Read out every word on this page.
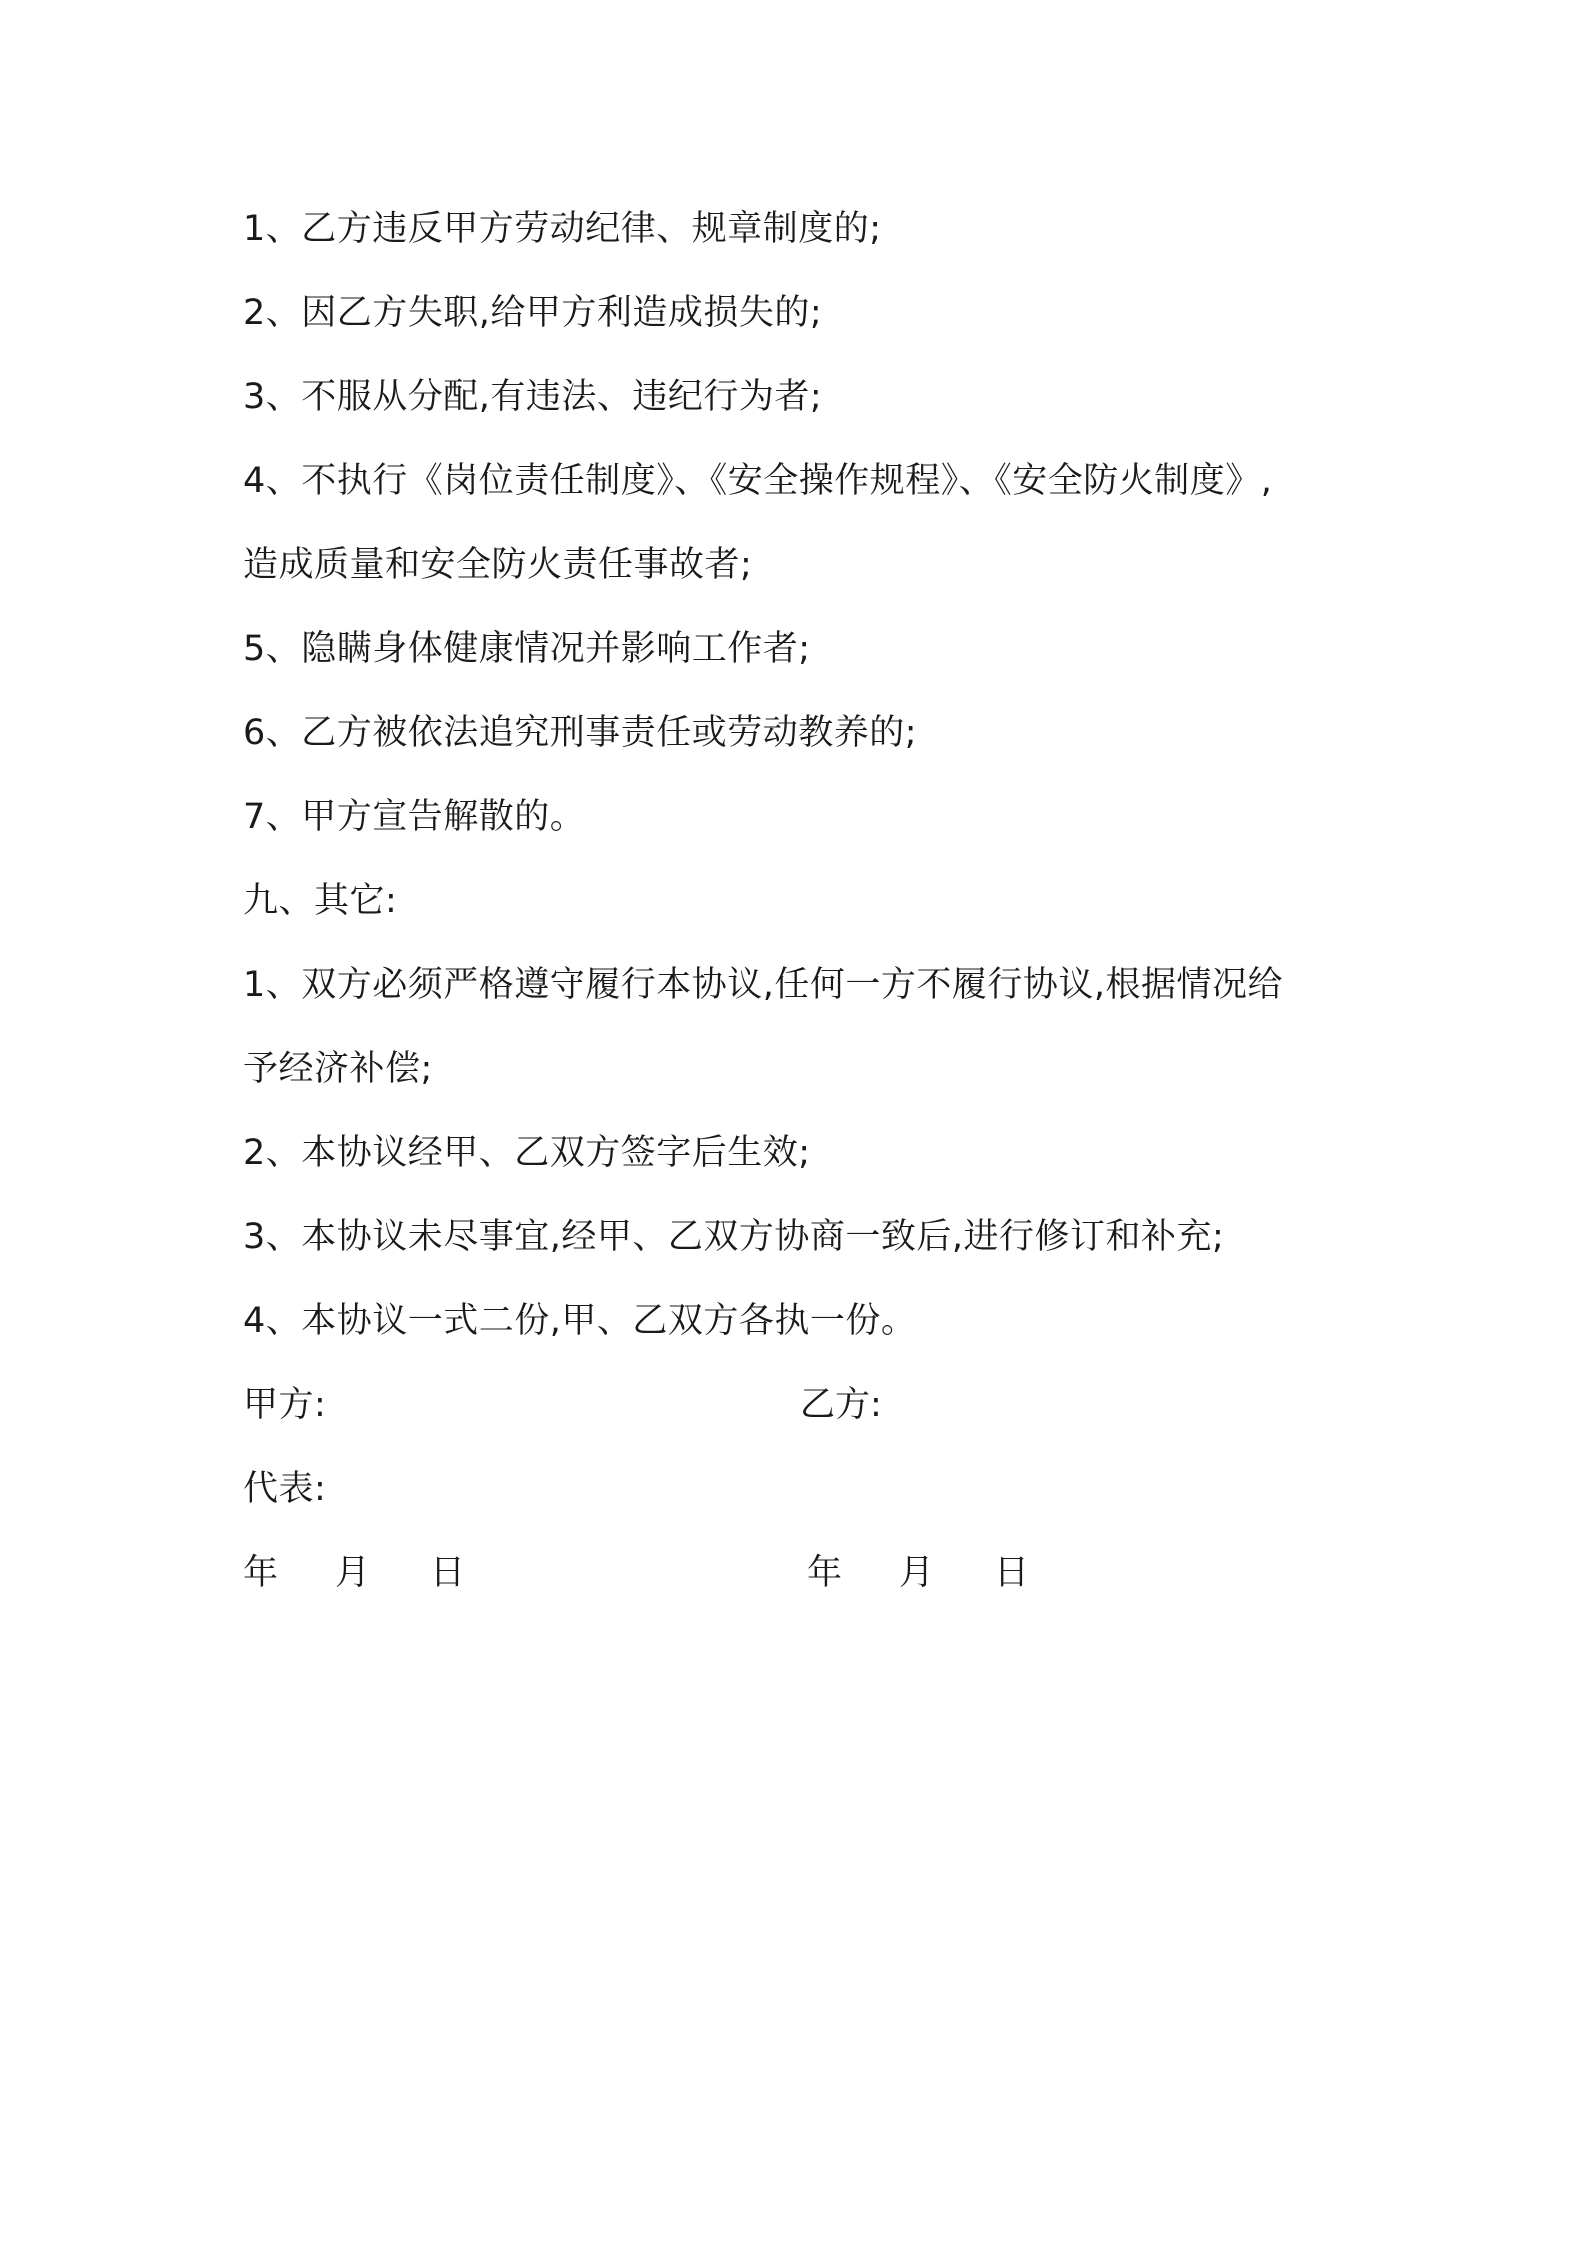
1、乙方违反甲方劳动纪律、规章制度的;
2、因乙方失职,给甲方利造成损失的;
3、不服从分配,有违法、违纪行为者;
4、不执行《岗位责任制度》、《安全操作规程》、《安全防火制度》,
造成质量和安全防火责任事故者;
5、隐瞒身体健康情况并影响工作者;
6、乙方被依法追究刑事责任或劳动教养的;
7、甲方宣告解散的。
九、其它:
1、双方必须严格遵守履行本协议,任何一方不履行协议,根据情况给
予经济补偿;
2、本协议经甲、乙双方签字后生效;
3、本协议未尽事宜,经甲、乙双方协商一致后,进行修订和补充;
4、本协议一式二份,甲、乙双方各执一份。
甲方:	乙方:
代表:
年 月 日	年 月 日
